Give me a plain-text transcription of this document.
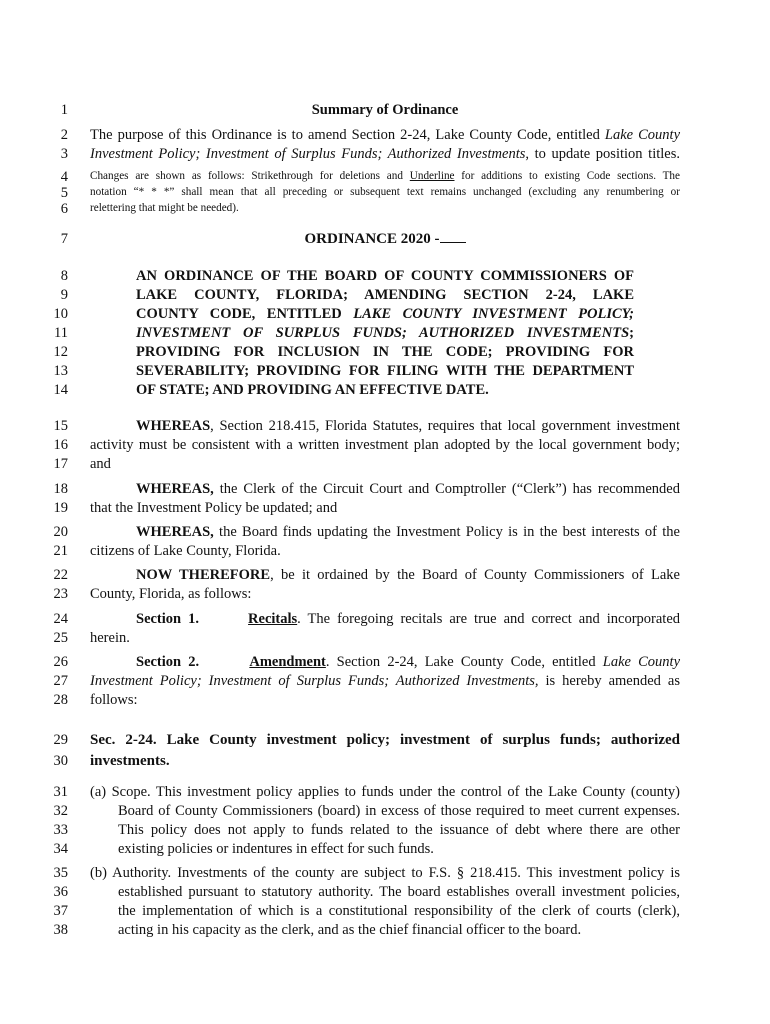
1
2
3
4
5
6
7
8
9
10
11
12
13
14
15
16
17
18
19
20
21
22
23
24
25
26
27
28
29
30
31
32
33
34
35
36
37
38
Summary of Ordinance
The purpose of this Ordinance is to amend Section 2-24, Lake County Code, entitled Lake County
Investment Policy; Investment of Surplus Funds; Authorized Investments, to update position titles.
Changes are shown as follows: Strikethrough for deletions and Underline for additions to existing Code sections. The
notation “* * *” shall mean that all preceding or subsequent text remains unchanged (excluding any renumbering or
relettering that might be needed).
ORDINANCE 2020 -
AN ORDINANCE OF THE BOARD OF COUNTY COMMISSIONERS OF
LAKE COUNTY, FLORIDA; AMENDING SECTION 2-24, LAKE
COUNTY CODE, ENTITLED LAKE COUNTY INVESTMENT POLICY;
INVESTMENT OF SURPLUS FUNDS; AUTHORIZED INVESTMENTS;
PROVIDING FOR INCLUSION IN THE CODE; PROVIDING FOR
SEVERABILITY; PROVIDING FOR FILING WITH THE DEPARTMENT
OF STATE; AND PROVIDING AN EFFECTIVE DATE.
WHEREAS, Section 218.415, Florida Statutes, requires that local government investment
activity must be consistent with a written investment plan adopted by the local government body;
and
WHEREAS, the Clerk of the Circuit Court and Comptroller (“Clerk”) has recommended
that the Investment Policy be updated; and
WHEREAS, the Board finds updating the Investment Policy is in the best interests of the
citizens of Lake County, Florida.
NOW THEREFORE, be it ordained by the Board of County Commissioners of Lake
County, Florida, as follows:
Section 1.	Recitals. The foregoing recitals are true and correct and incorporated
herein.
Section 2.	Amendment. Section 2-24, Lake County Code, entitled Lake County
Investment Policy; Investment of Surplus Funds; Authorized Investments, is hereby amended as
follows:
Sec. 2-24. Lake County investment policy; investment of surplus funds; authorized
investments.
(a) Scope. This investment policy applies to funds under the control of the Lake County (county)
Board of County Commissioners (board) in excess of those required to meet current expenses.
This policy does not apply to funds related to the issuance of debt where there are other
existing policies or indentures in effect for such funds.
(b) Authority. Investments of the county are subject to F.S. § 218.415. This investment policy is
established pursuant to statutory authority. The board establishes overall investment policies,
the implementation of which is a constitutional responsibility of the clerk of courts (clerk),
acting in his capacity as the clerk, and as the chief financial officer to the board.
